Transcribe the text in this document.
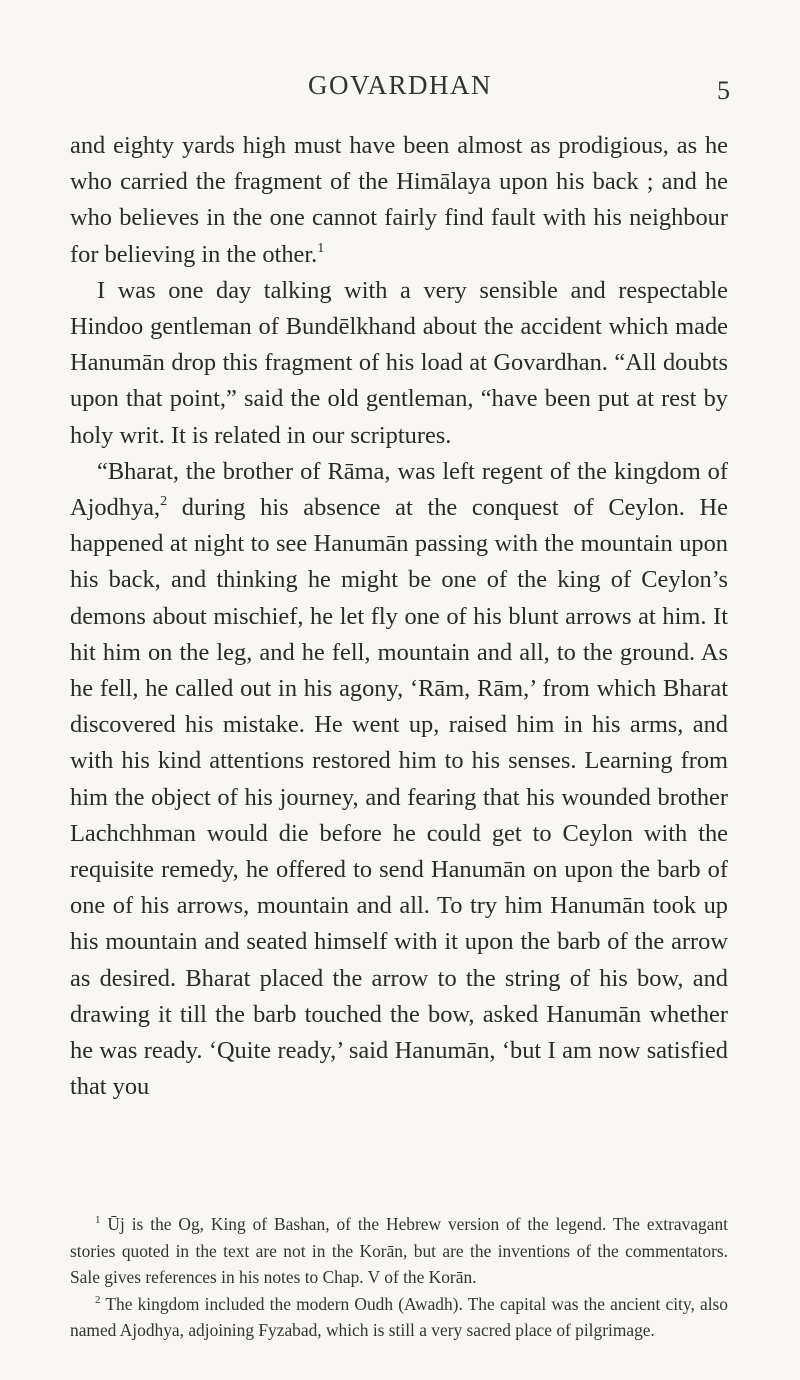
GOVARDHAN	5

and eighty yards high must have been almost as prodigious, as he who carried the fragment of the Himālaya upon his back ; and he who believes in the one cannot fairly find fault with his neighbour for believing in the other.$^1$

I was one day talking with a very sensible and respectable Hindoo gentleman of Bundēlkhand about the accident which made Hanumān drop this fragment of his load at Govardhan. “All doubts upon that point,” said the old gentleman, “have been put at rest by holy writ. It is related in our scriptures.

“Bharat, the brother of Rāma, was left regent of the kingdom of Ajodhya,$^2$ during his absence at the conquest of Ceylon. He happened at night to see Hanumān passing with the mountain upon his back, and thinking he might be one of the king of Ceylon’s demons about mischief, he let fly one of his blunt arrows at him. It hit him on the leg, and he fell, mountain and all, to the ground. As he fell, he called out in his agony, ‘Rām, Rām,’ from which Bharat discovered his mistake. He went up, raised him in his arms, and with his kind attentions restored him to his senses. Learning from him the object of his journey, and fearing that his wounded brother Lachchhman would die before he could get to Ceylon with the requisite remedy, he offered to send Hanumān on upon the barb of one of his arrows, mountain and all. To try him Hanumān took up his mountain and seated himself with it upon the barb of the arrow as desired. Bharat placed the arrow to the string of his bow, and drawing it till the barb touched the bow, asked Hanumān whether he was ready. ‘Quite ready,’ said Hanumān, ‘but I am now satisfied that you

$^1$ Ūj is the Og, King of Bashan, of the Hebrew version of the legend. The extravagant stories quoted in the text are not in the Korān, but are the inventions of the commentators. Sale gives references in his notes to Chap. V of the Korān.

$^2$ The kingdom included the modern Oudh (Awadh). The capital was the ancient city, also named Ajodhya, adjoining Fyzabad, which is still a very sacred place of pilgrimage.
